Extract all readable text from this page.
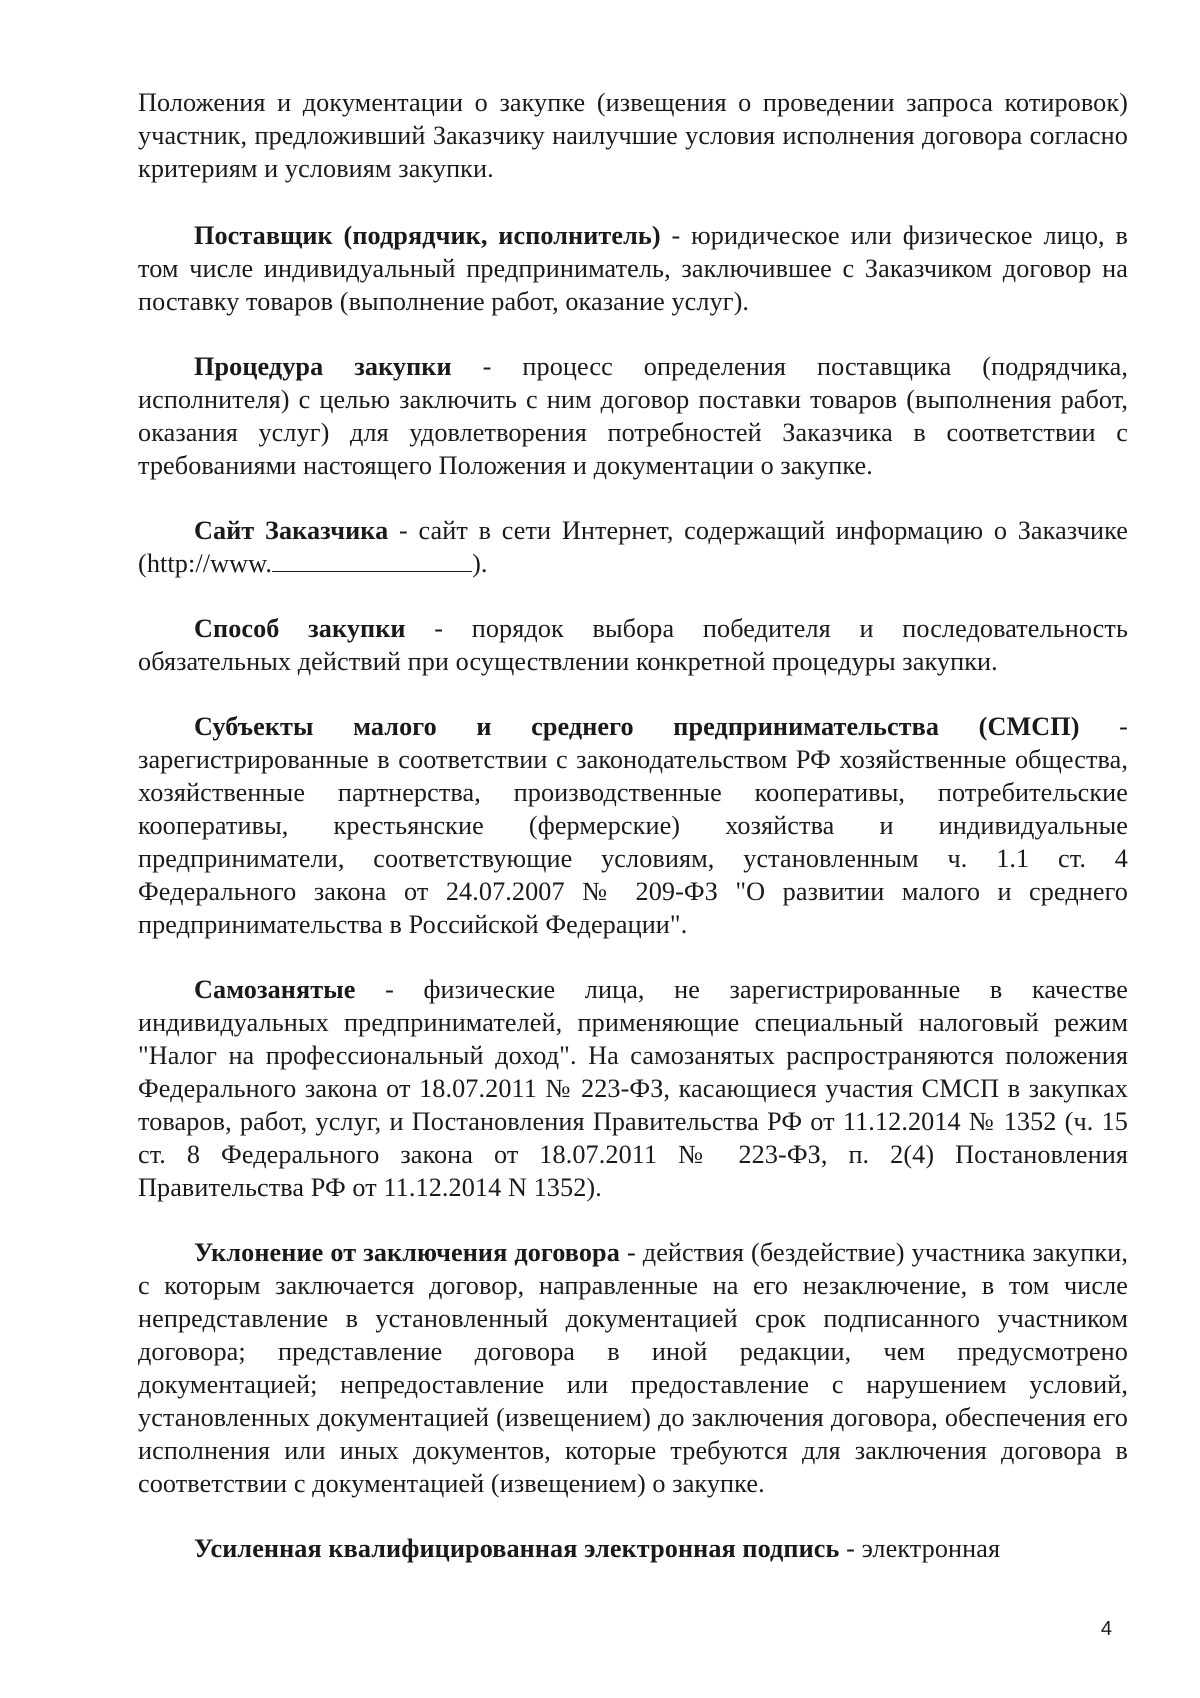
Положения и документации о закупке (извещения о проведении запроса котировок) участник, предложивший Заказчику наилучшие условия исполнения договора согласно критериям и условиям закупки.

Поставщик (подрядчик, исполнитель) - юридическое или физическое лицо, в том числе индивидуальный предприниматель, заключившее с Заказчиком договор на поставку товаров (выполнение работ, оказание услуг).

Процедура закупки - процесс определения поставщика (подрядчика, исполнителя) с целью заключить с ним договор поставки товаров (выполнения работ, оказания услуг) для удовлетворения потребностей Заказчика в соответствии с требованиями настоящего Положения и документации о закупке.

Сайт Заказчика - сайт в сети Интернет, содержащий информацию о Заказчике (http://www.	).

Способ закупки - порядок выбора победителя и последовательность обязательных действий при осуществлении конкретной процедуры закупки.

Субъекты малого и среднего предпринимательства (СМСП) - зарегистрированные в соответствии с законодательством РФ хозяйственные общества, хозяйственные партнерства, производственные кооперативы, потребительские кооперативы, крестьянские (фермерские) хозяйства и индивидуальные предприниматели, соответствующие условиям, установленным ч. 1.1 ст. 4 Федерального закона от 24.07.2007 № 209-ФЗ "О развитии малого и среднего предпринимательства в Российской Федерации".

Самозанятые - физические лица, не зарегистрированные в качестве индивидуальных предпринимателей, применяющие специальный налоговый режим "Налог на профессиональный доход". На самозанятых распространяются положения Федерального закона от 18.07.2011 № 223-ФЗ, касающиеся участия СМСП в закупках товаров, работ, услуг, и Постановления Правительства РФ от 11.12.2014 № 1352 (ч. 15 ст. 8 Федерального закона от 18.07.2011 № 223-ФЗ, п. 2(4) Постановления Правительства РФ от 11.12.2014 N 1352).

Уклонение от заключения договора - действия (бездействие) участника закупки, с которым заключается договор, направленные на его незаключение, в том числе непредставление в установленный документацией срок подписанного участником договора; представление договора в иной редакции, чем предусмотрено документацией; непредоставление или предоставление с нарушением условий, установленных документацией (извещением) до заключения договора, обеспечения его исполнения или иных документов, которые требуются для заключения договора в соответствии с документацией (извещением) о закупке.

Усиленная квалифицированная электронная подпись - электронная

4
